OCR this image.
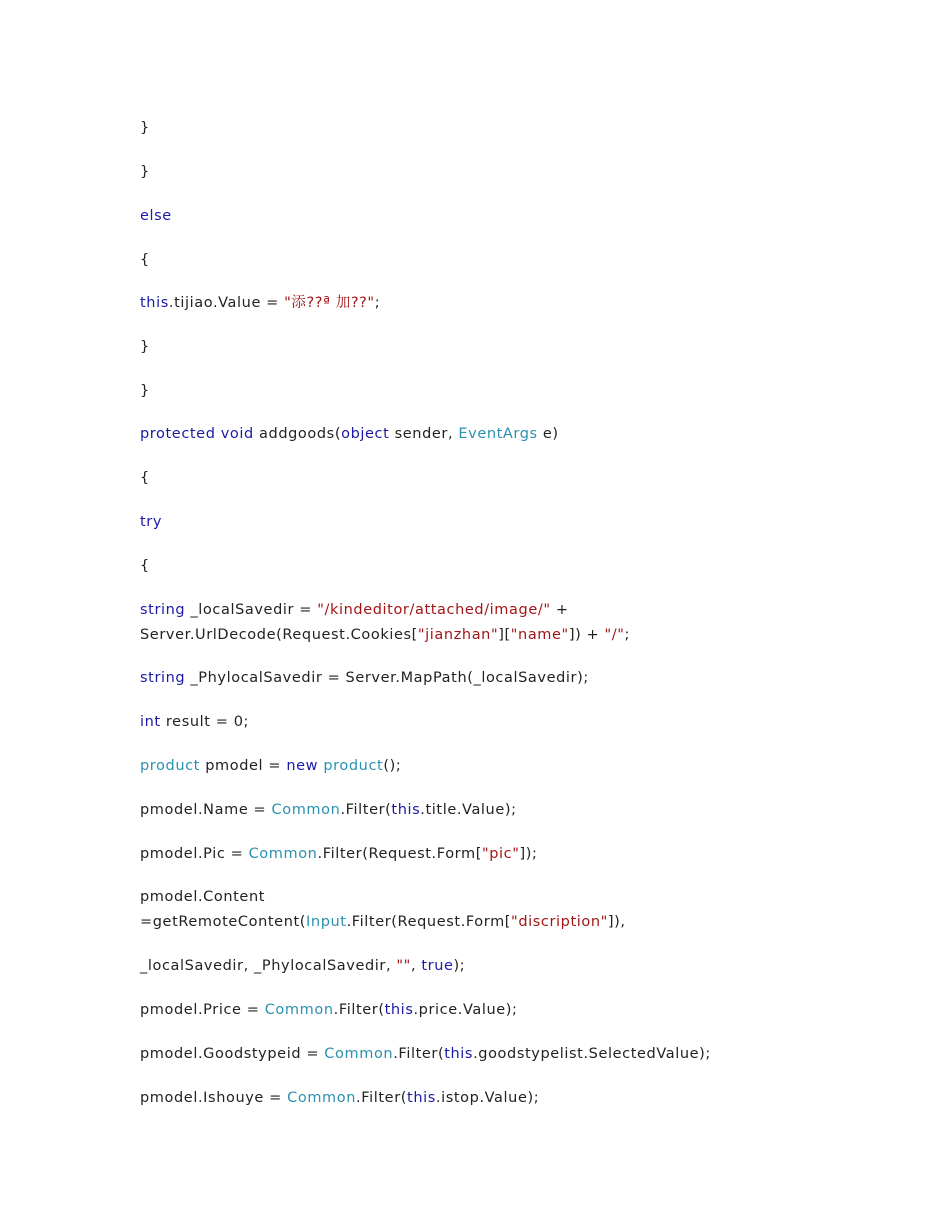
}
}
else
{
this.tijiao.Value = "添??ª 加??";
}
}
protected void addgoods(object sender, EventArgs e)
{
try
{
string _localSavedir = "/kindeditor/attached/image/" +
Server.UrlDecode(Request.Cookies["jianzhan"]["name"]) + "/";
string _PhylocalSavedir = Server.MapPath(_localSavedir);
int result = 0;
product pmodel = new product();
pmodel.Name = Common.Filter(this.title.Value);
pmodel.Pic = Common.Filter(Request.Form["pic"]);
pmodel.Content
=getRemoteContent(Input.Filter(Request.Form["discription"]),
_localSavedir, _PhylocalSavedir, "", true);
pmodel.Price = Common.Filter(this.price.Value);
pmodel.Goodstypeid = Common.Filter(this.goodstypelist.SelectedValue);
pmodel.Ishouye = Common.Filter(this.istop.Value);
